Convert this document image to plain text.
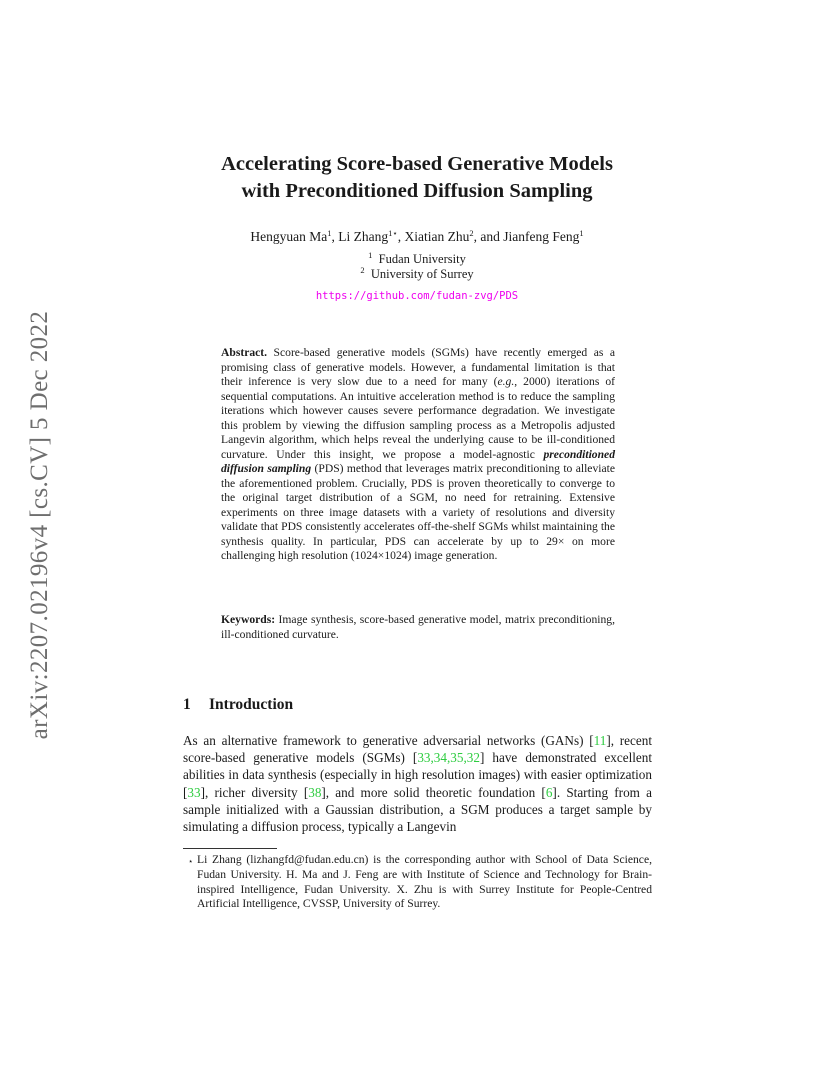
arXiv:2207.02196v4 [cs.CV] 5 Dec 2022
Accelerating Score-based Generative Models
with Preconditioned Diffusion Sampling
Hengyuan Ma$^1$, Li Zhang$^{1⋆}$, Xiatian Zhu$^2$, and Jianfeng Feng$^1$
$^1$ Fudan University
$^2$ University of Surrey
https://github.com/fudan-zvg/PDS
Abstract. Score-based generative models (SGMs) have recently emerged as a promising class of generative models. However, a fundamental limitation is that their inference is very slow due to a need for many (e.g., 2000) iterations of sequential computations. An intuitive acceleration method is to reduce the sampling iterations which however causes severe performance degradation. We investigate this problem by viewing the diffusion sampling process as a Metropolis adjusted Langevin algorithm, which helps reveal the underlying cause to be ill-conditioned curvature. Under this insight, we propose a model-agnostic preconditioned diffusion sampling (PDS) method that leverages matrix preconditioning to alleviate the aforementioned problem. Crucially, PDS is proven theoretically to converge to the original target distribution of a SGM, no need for retraining. Extensive experiments on three image datasets with a variety of resolutions and diversity validate that PDS consistently accelerates off-the-shelf SGMs whilst maintaining the synthesis quality. In particular, PDS can accelerate by up to 29× on more challenging high resolution (1024×1024) image generation.
Keywords: Image synthesis, score-based generative model, matrix preconditioning, ill-conditioned curvature.
1 Introduction
As an alternative framework to generative adversarial networks (GANs) [11], recent score-based generative models (SGMs) [33,34,35,32] have demonstrated excellent abilities in data synthesis (especially in high resolution images) with easier optimization [33], richer diversity [38], and more solid theoretic foundation [6]. Starting from a sample initialized with a Gaussian distribution, a SGM produces a target sample by simulating a diffusion process, typically a Langevin
⋆ Li Zhang (lizhangfd@fudan.edu.cn) is the corresponding author with School of Data Science, Fudan University. H. Ma and J. Feng are with Institute of Science and Technology for Brain-inspired Intelligence, Fudan University. X. Zhu is with Surrey Institute for People-Centred Artificial Intelligence, CVSSP, University of Surrey.
